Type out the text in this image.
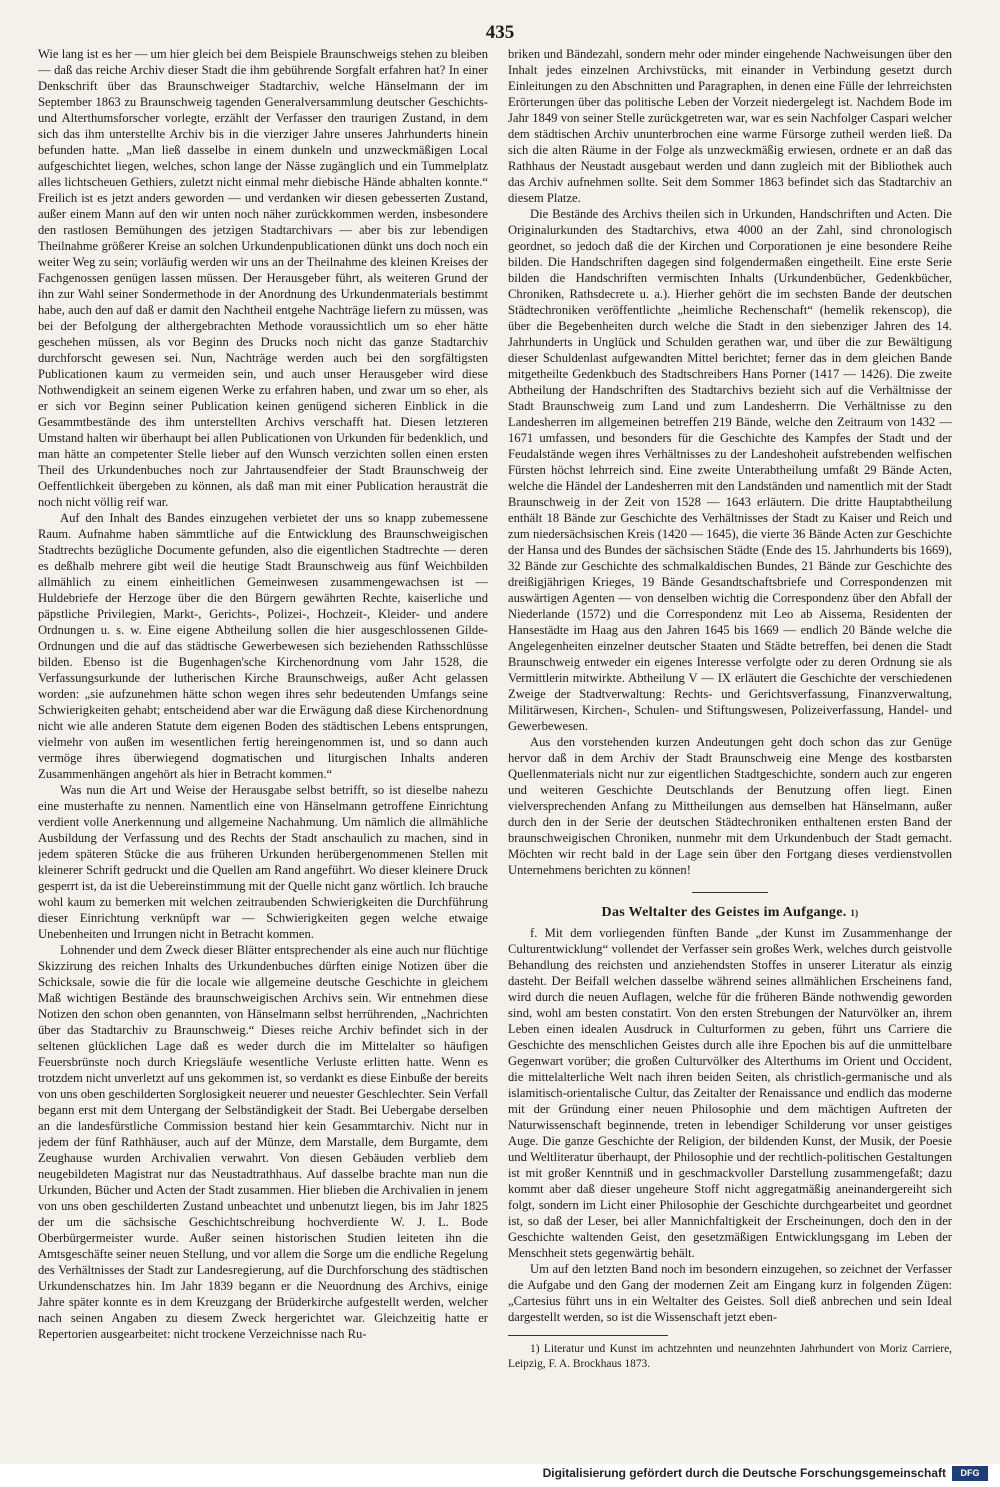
435

Wie lang ist es her — um hier gleich bei dem Beispiele Braunschweigs stehen zu bleiben — daß das reiche Archiv dieser Stadt die ihm gebührende Sorgfalt erfahren hat? In einer Denkschrift über das Braunschweiger Stadtarchiv, welche Hänselmann der im September 1863 zu Braunschweig tagenden Generalversammlung deutscher Geschichts- und Alterthumsforscher vorlegte, erzählt der Verfasser den traurigen Zustand, in dem sich das ihm unterstellte Archiv bis in die vierziger Jahre unseres Jahrhunderts hinein befunden hatte. „Man ließ dasselbe in einem dunkeln und unzweckmäßigen Local aufgeschichtet liegen, welches, schon lange der Nässe zugänglich und ein Tummelplatz alles lichtscheuen Gethiers, zuletzt nicht einmal mehr diebische Hände abhalten konnte.“ Freilich ist es jetzt anders geworden — und verdanken wir diesen gebesserten Zustand, außer einem Mann auf den wir unten noch näher zurückkommen werden, insbesondere den rastlosen Bemühungen des jetzigen Stadtarchivars — aber bis zur lebendigen Theilnahme größerer Kreise an solchen Urkundenpublicationen dünkt uns doch noch ein weiter Weg zu sein; vorläufig werden wir uns an der Theilnahme des kleinen Kreises der Fachgenossen genügen lassen müssen. Der Herausgeber führt, als weiteren Grund der ihn zur Wahl seiner Sondermethode in der Anordnung des Urkundenmaterials bestimmt habe, auch den auf daß er damit den Nachtheil entgehe Nachträge liefern zu müssen, was bei der Befolgung der althergebrachten Methode voraussichtlich um so eher hätte geschehen müssen, als vor Beginn des Drucks noch nicht das ganze Stadtarchiv durchforscht gewesen sei. Nun, Nachträge werden auch bei den sorgfältigsten Publicationen kaum zu vermeiden sein, und auch unser Herausgeber wird diese Nothwendigkeit an seinem eigenen Werke zu erfahren haben, und zwar um so eher, als er sich vor Beginn seiner Publication keinen genügend sicheren Einblick in die Gesammtbestände des ihm unterstellten Archivs verschafft hat. Diesen letzteren Umstand halten wir überhaupt bei allen Publicationen von Urkunden für bedenklich, und man hätte an competenter Stelle lieber auf den Wunsch verzichten sollen einen ersten Theil des Urkundenbuches noch zur Jahrtausendfeier der Stadt Braunschweig der Oeffentlichkeit übergeben zu können, als daß man mit einer Publication herausträt die noch nicht völlig reif war.

Auf den Inhalt des Bandes einzugehen verbietet der uns so knapp zubemessene Raum. Aufnahme haben sämmtliche auf die Entwicklung des Braunschweigischen Stadtrechts bezügliche Documente gefunden, also die eigentlichen Stadtrechte — deren es deßhalb mehrere gibt weil die heutige Stadt Braunschweig aus fünf Weichbilden allmählich zu einem einheitlichen Gemeinwesen zusammengewachsen ist — Huldebriefe der Herzoge über die den Bürgern gewährten Rechte, kaiserliche und päpstliche Privilegien, Markt-, Gerichts-, Polizei-, Hochzeit-, Kleider- und andere Ordnungen u. s. w. Eine eigene Abtheilung sollen die hier ausgeschlossenen Gilde-Ordnungen und die auf das städtische Gewerbewesen sich beziehenden Rathsschlüsse bilden. Ebenso ist die Bugenhagen'sche Kirchenordnung vom Jahr 1528, die Verfassungsurkunde der lutherischen Kirche Braunschweigs, außer Acht gelassen worden: „sie aufzunehmen hätte schon wegen ihres sehr bedeutenden Umfangs seine Schwierigkeiten gehabt; entscheidend aber war die Erwägung daß diese Kirchenordnung nicht wie alle anderen Statute dem eigenen Boden des städtischen Lebens entsprungen, vielmehr von außen im wesentlichen fertig hereingenommen ist, und so dann auch vermöge ihres überwiegend dogmatischen und liturgischen Inhalts anderen Zusammenhängen angehört als hier in Betracht kommen.“

Was nun die Art und Weise der Herausgabe selbst betrifft, so ist dieselbe nahezu eine musterhafte zu nennen. Namentlich eine von Hänselmann getroffene Einrichtung verdient volle Anerkennung und allgemeine Nachahmung. Um nämlich die allmähliche Ausbildung der Verfassung und des Rechts der Stadt anschaulich zu machen, sind in jedem späteren Stücke die aus früheren Urkunden herübergenommenen Stellen mit kleinerer Schrift gedruckt und die Quellen am Rand angeführt. Wo dieser kleinere Druck gesperrt ist, da ist die Uebereinstimmung mit der Quelle nicht ganz wörtlich. Ich brauche wohl kaum zu bemerken mit welchen zeitraubenden Schwierigkeiten die Durchführung dieser Einrichtung verknüpft war — Schwierigkeiten gegen welche etwaige Unebenheiten und Irrungen nicht in Betracht kommen.

Lohnender und dem Zweck dieser Blätter entsprechender als eine auch nur flüchtige Skizzirung des reichen Inhalts des Urkundenbuches dürften einige Notizen über die Schicksale, sowie die für die locale wie allgemeine deutsche Geschichte in gleichem Maß wichtigen Bestände des braunschweigischen Archivs sein. Wir entnehmen diese Notizen den schon oben genannten, von Hänselmann selbst herrührenden, „Nachrichten über das Stadtarchiv zu Braunschweig.“ Dieses reiche Archiv befindet sich in der seltenen glücklichen Lage daß es weder durch die im Mittelalter so häufigen Feuersbrünste noch durch Kriegsläufe wesentliche Verluste erlitten hatte. Wenn es trotzdem nicht unverletzt auf uns gekommen ist, so verdankt es diese Einbuße der bereits von uns oben geschilderten Sorglosigkeit neuerer und neuester Geschlechter. Sein Verfall begann erst mit dem Untergang der Selbständigkeit der Stadt. Bei Uebergabe derselben an die landesfürstliche Commission bestand hier kein Gesammtarchiv. Nicht nur in jedem der fünf Rathhäuser, auch auf der Münze, dem Marstalle, dem Burgamte, dem Zeughause wurden Archivalien verwahrt. Von diesen Gebäuden verblieb dem neugebildeten Magistrat nur das Neustadtrathhaus. Auf dasselbe brachte man nun die Urkunden, Bücher und Acten der Stadt zusammen. Hier blieben die Archivalien in jenem von uns oben geschilderten Zustand unbeachtet und unbenutzt liegen, bis im Jahr 1825 der um die sächsische Geschichtschreibung hochverdiente W. J. L. Bode Oberbürgermeister wurde. Außer seinen historischen Studien leiteten ihn die Amtsgeschäfte seiner neuen Stellung, und vor allem die Sorge um die endliche Regelung des Verhältnisses der Stadt zur Landesregierung, auf die Durchforschung des städtischen Urkundenschatzes hin. Im Jahr 1839 begann er die Neuordnung des Archivs, einige Jahre später konnte es in dem Kreuzgang der Brüderkirche aufgestellt werden, welcher nach seinen Angaben zu diesem Zweck hergerichtet war. Gleichzeitig hatte er Repertorien ausgearbeitet: nicht trockene Verzeichnisse nach Ru-

briken und Bändezahl, sondern mehr oder minder eingehende Nachweisungen über den Inhalt jedes einzelnen Archivstücks, mit einander in Verbindung gesetzt durch Einleitungen zu den Abschnitten und Paragraphen, in denen eine Fülle der lehrreichsten Erörterungen über das politische Leben der Vorzeit niedergelegt ist. Nachdem Bode im Jahr 1849 von seiner Stelle zurückgetreten war, war es sein Nachfolger Caspari welcher dem städtischen Archiv ununterbrochen eine warme Fürsorge zutheil werden ließ. Da sich die alten Räume in der Folge als unzweckmäßig erwiesen, ordnete er an daß das Rathhaus der Neustadt ausgebaut werden und dann zugleich mit der Bibliothek auch das Archiv aufnehmen sollte. Seit dem Sommer 1863 befindet sich das Stadtarchiv an diesem Platze.

Die Bestände des Archivs theilen sich in Urkunden, Handschriften und Acten. Die Originalurkunden des Stadtarchivs, etwa 4000 an der Zahl, sind chronologisch geordnet, so jedoch daß die der Kirchen und Corporationen je eine besondere Reihe bilden. Die Handschriften dagegen sind folgendermaßen eingetheilt. Eine erste Serie bilden die Handschriften vermischten Inhalts (Urkundenbücher, Gedenkbücher, Chroniken, Rathsdecrete u. a.). Hierher gehört die im sechsten Bande der deutschen Städtechroniken veröffentlichte „heimliche Rechenschaft“ (hemelik rekenscop), die über die Begebenheiten durch welche die Stadt in den siebenziger Jahren des 14. Jahrhunderts in Unglück und Schulden gerathen war, und über die zur Bewältigung dieser Schuldenlast aufgewandten Mittel berichtet; ferner das in dem gleichen Bande mitgetheilte Gedenkbuch des Stadtschreibers Hans Porner (1417 — 1426). Die zweite Abtheilung der Handschriften des Stadtarchivs bezieht sich auf die Verhältnisse der Stadt Braunschweig zum Land und zum Landesherrn. Die Verhältnisse zu den Landesherren im allgemeinen betreffen 219 Bände, welche den Zeitraum von 1432 — 1671 umfassen, und besonders für die Geschichte des Kampfes der Stadt und der Feudalstände wegen ihres Verhältnisses zu der Landeshoheit aufstrebenden welfischen Fürsten höchst lehrreich sind. Eine zweite Unterabtheilung umfaßt 29 Bände Acten, welche die Händel der Landesherren mit den Landständen und namentlich mit der Stadt Braunschweig in der Zeit von 1528 — 1643 erläutern. Die dritte Hauptabtheilung enthält 18 Bände zur Geschichte des Verhältnisses der Stadt zu Kaiser und Reich und zum niedersächsischen Kreis (1420 — 1645), die vierte 36 Bände Acten zur Geschichte der Hansa und des Bundes der sächsischen Städte (Ende des 15. Jahrhunderts bis 1669), 32 Bände zur Geschichte des schmalkaldischen Bundes, 21 Bände zur Geschichte des dreißigjährigen Krieges, 19 Bände Gesandtschaftsbriefe und Correspondenzen mit auswärtigen Agenten — von denselben wichtig die Correspondenz über den Abfall der Niederlande (1572) und die Correspondenz mit Leo ab Aissema, Residenten der Hansestädte im Haag aus den Jahren 1645 bis 1669 — endlich 20 Bände welche die Angelegenheiten einzelner deutscher Staaten und Städte betreffen, bei denen die Stadt Braunschweig entweder ein eigenes Interesse verfolgte oder zu deren Ordnung sie als Vermittlerin mitwirkte. Abtheilung V — IX erläutert die Geschichte der verschiedenen Zweige der Stadtverwaltung: Rechts- und Gerichtsverfassung, Finanzverwaltung, Militärwesen, Kirchen-, Schulen- und Stiftungswesen, Polizeiverfassung, Handel- und Gewerbewesen.

Aus den vorstehenden kurzen Andeutungen geht doch schon das zur Genüge hervor daß in dem Archiv der Stadt Braunschweig eine Menge des kostbarsten Quellenmaterials nicht nur zur eigentlichen Stadtgeschichte, sondern auch zur engeren und weiteren Geschichte Deutschlands der Benutzung offen liegt. Einen vielversprechenden Anfang zu Mittheilungen aus demselben hat Hänselmann, außer durch den in der Serie der deutschen Städtechroniken enthaltenen ersten Band der braunschweigischen Chroniken, nunmehr mit dem Urkundenbuch der Stadt gemacht. Möchten wir recht bald in der Lage sein über den Fortgang dieses verdienstvollen Unternehmens berichten zu können!

Das Weltalter des Geistes im Aufgange. $^{1)}$

f. Mit dem vorliegenden fünften Bande „der Kunst im Zusammenhange der Culturentwicklung“ vollendet der Verfasser sein großes Werk, welches durch geistvolle Behandlung des reichsten und anziehendsten Stoffes in unserer Literatur als einzig dasteht. Der Beifall welchen dasselbe während seines allmählichen Erscheinens fand, wird durch die neuen Auflagen, welche für die früheren Bände nothwendig geworden sind, wohl am besten constatirt. Von den ersten Strebungen der Naturvölker an, ihrem Leben einen idealen Ausdruck in Culturformen zu geben, führt uns Carriere die Geschichte des menschlichen Geistes durch alle ihre Epochen bis auf die unmittelbare Gegenwart vorüber; die großen Culturvölker des Alterthums im Orient und Occident, die mittelalterliche Welt nach ihren beiden Seiten, als christlich-germanische und als islamitisch-orientalische Cultur, das Zeitalter der Renaissance und endlich das moderne mit der Gründung einer neuen Philosophie und dem mächtigen Auftreten der Naturwissenschaft beginnende, treten in lebendiger Schilderung vor unser geistiges Auge. Die ganze Geschichte der Religion, der bildenden Kunst, der Musik, der Poesie und Weltliteratur überhaupt, der Philosophie und der rechtlich-politischen Gestaltungen ist mit großer Kenntniß und in geschmackvoller Darstellung zusammengefaßt; dazu kommt aber daß dieser ungeheure Stoff nicht aggregatmäßig aneinandergereiht sich folgt, sondern im Licht einer Philosophie der Geschichte durchgearbeitet und geordnet ist, so daß der Leser, bei aller Mannichfaltigkeit der Erscheinungen, doch den in der Geschichte waltenden Geist, den gesetzmäßigen Entwicklungsgang im Leben der Menschheit stets gegenwärtig behält.

Um auf den letzten Band noch im besondern einzugehen, so zeichnet der Verfasser die Aufgabe und den Gang der modernen Zeit am Eingang kurz in folgenden Zügen: „Cartesius führt uns in ein Weltalter des Geistes. Soll dieß anbrechen und sein Ideal dargestellt werden, so ist die Wissenschaft jetzt eben-

1) Literatur und Kunst im achtzehnten und neunzehnten Jahrhundert von Moriz Carriere, Leipzig, F. A. Brockhaus 1873.

Digitalisierung gefördert durch die Deutsche Forschungsgemeinschaft	DFG
